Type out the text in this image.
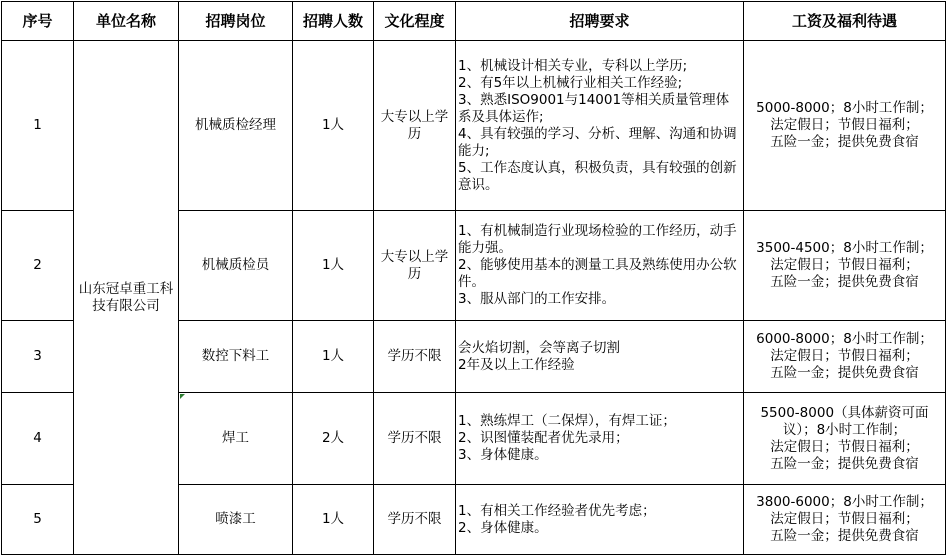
序号	单位名称	招聘岗位	招聘人数	文化程度	招聘要求	工资及福利待遇
1	山东冠卓重工科技有限公司	机械质检经理	1人	大专以上学历	1、机械设计相关专业，专科以上学历;
2、有5年以上机械行业相关工作经验;
3、熟悉ISO9001与14001等相关质量管理体系及具体运作;
4、具有较强的学习、分析、理解、沟通和协调能力;
5、工作态度认真，积极负责，具有较强的创新意识。	5000-8000；8小时工作制；
法定假日；节假日福利；
五险一金；提供免费食宿

2		机械质检员	1人	大专以上学历	1、有机械制造行业现场检验的工作经历，动手能力强。
2、能够使用基本的测量工具及熟练使用办公软件。
3、服从部门的工作安排。	3500-4500；8小时工作制；
法定假日；节假日福利；
五险一金；提供免费食宿

3		数控下料工	1人	学历不限	会火焰切割，会等离子切割
2年及以上工作经验	6000-8000；8小时工作制；
法定假日；节假日福利；
五险一金；提供免费食宿

4		焊工	2人	学历不限	1、熟练焊工（二保焊），有焊工证；
2、识图懂装配者优先录用；
3、身体健康。	5500-8000（具体薪资可面议）；8小时工作制；
法定假日；节假日福利；
五险一金；提供免费食宿

5		喷漆工	1人	学历不限	1、有相关工作经验者优先考虑；
2、身体健康。	3800-6000；8小时工作制；
法定假日；节假日福利；
五险一金；提供免费食宿
